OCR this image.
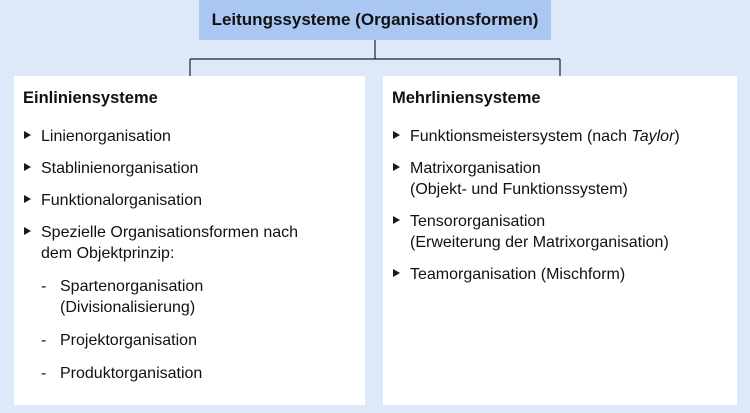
Leitungssysteme (Organisationsformen)
Einliniensysteme
Linienorganisation
Stablinienorganisation
Funktionalorganisation
Spezielle Organisationsformen nach
dem Objektprinzip:
- Spartenorganisation
(Divisionalisierung)
- Projektorganisation
- Produktorganisation
Mehrliniensysteme
Funktionsmeistersystem (nach Taylor)
Matrixorganisation
(Objekt- und Funktionssystem)
Tensororganisation
(Erweiterung der Matrixorganisation)
Teamorganisation (Mischform)
